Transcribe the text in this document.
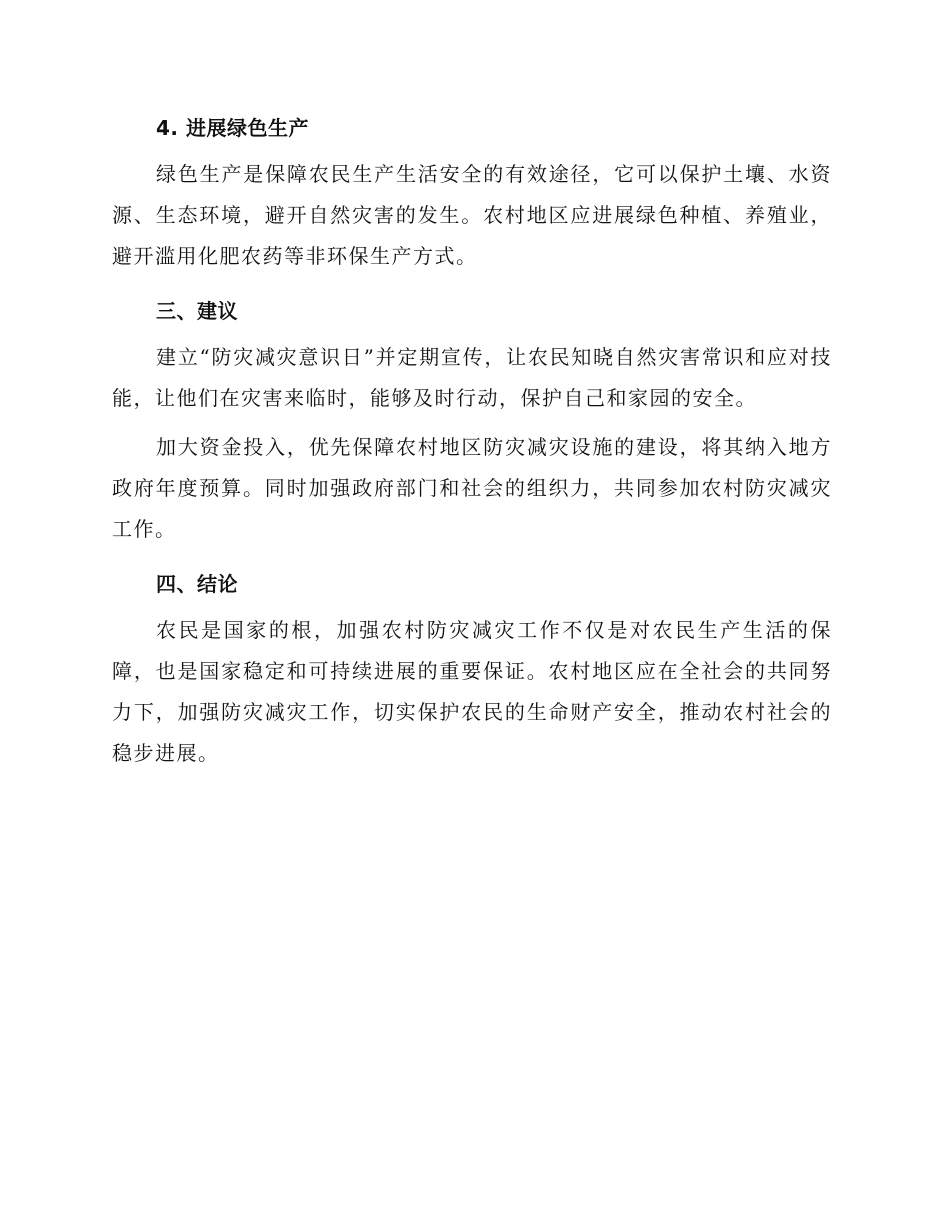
4. 进展绿色生产

绿色生产是保障农民生产生活安全的有效途径，它可以保护土壤、水资源、生态环境，避开自然灾害的发生。农村地区应进展绿色种植、养殖业，避开滥用化肥农药等非环保生产方式。

三、建议

建立“防灾减灾意识日”并定期宣传，让农民知晓自然灾害常识和应对技能，让他们在灾害来临时，能够及时行动，保护自己和家园的安全。

加大资金投入，优先保障农村地区防灾减灾设施的建设，将其纳入地方政府年度预算。同时加强政府部门和社会的组织力，共同参加农村防灾减灾工作。

四、结论

农民是国家的根，加强农村防灾减灾工作不仅是对农民生产生活的保障，也是国家稳定和可持续进展的重要保证。农村地区应在全社会的共同努力下，加强防灾减灾工作，切实保护农民的生命财产安全，推动农村社会的稳步进展。
